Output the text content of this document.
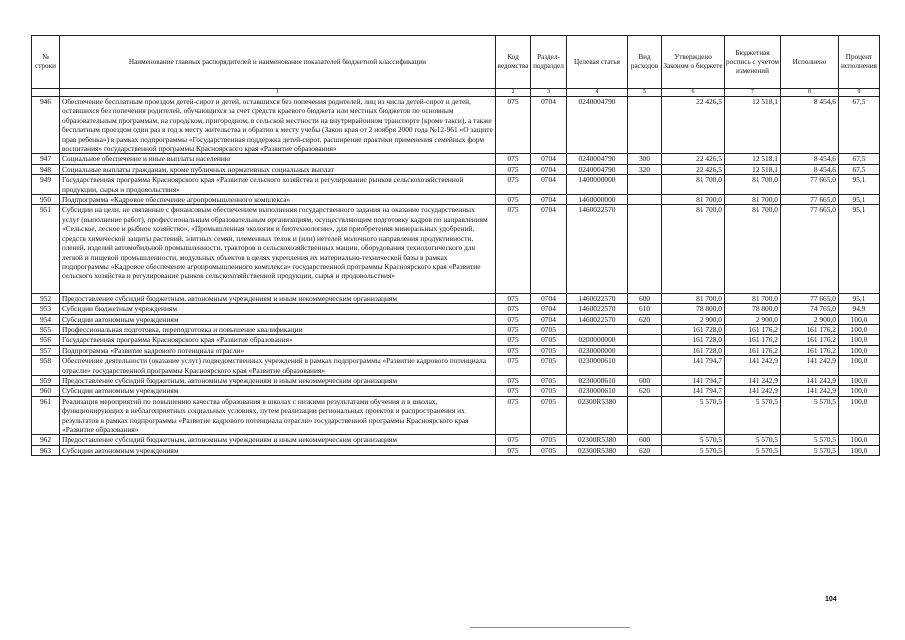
№ строки	Наименование главных распорядителей и наименование показателей бюджетной классификации	Код ведомства	Раздел-подраздел	Целевая статья	Вид расходов	Утверждено Законом о бюджете	Бюджетная роспись с учетом изменений	Исполнено	Процент исполнения
	1	2	3	4	5	6	7	8	9
946	Обеспечение бесплатным проездом детей-сирот и детей, оставшихся без попечения родителей, лиц из числа детей-сирот и детей, оставшихся без попечения родителей, обучающихся за счет средств краевого бюджета или местных бюджетов по основным образовательным программам, на городском, пригородном, в сельской местности на внутрирайонном транспорте (кроме такси), а также бесплатным проездом один раз в год к месту жительства и обратно к месту учебы (Закон края от 2 ноября 2000 года №12-961 «О защите прав ребенка») в рамках подпрограммы «Государственная поддержка детей-сирот, расширение практики применения семейных форм воспитания» государственной программы Красноярского края «Развитие образования»	075	0704	0240004790		22 426,5	12 518,1	8 454,6	67,5
947	Социальное обеспечение и иные выплаты населению	075	0704	0240004790	300	22 426,5	12 518,1	8 454,6	67,5
948	Социальные выплаты гражданам, кроме публичных нормативных социальных выплат	075	0704	0240004790	320	22 426,5	12 518,1	8 454,6	67,5
949	Государственная программа Красноярского края «Развитие сельского хозяйства и регулирование рынков сельскохозяйственной продукции, сырья и продовольствия»	075	0704	1400000000		81 700,0	81 700,0	77 665,0	95,1
950	Подпрограмма «Кадровое обеспечение агропромышленного комплекса»	075	0704	1460000000		81 700,0	81 700,0	77 665,0	95,1
951	Субсидии на цели, не связанные с финансовым обеспечением выполнения государственного задания на оказание государственных услуг (выполнение работ), профессиональным образовательным организациям, осуществляющим подготовку кадров по направлениям «Сельское, лесное и рыбное хозяйство», «Промышленная экология и биотехнологии», для приобретения минеральных удобрений, средств химической защиты растений, элитных семян, племенных телок и (или) нетелей молочного направления продуктивности, оленей, изделий автомобильной промышленности, тракторов и сельскохозяйственных машин, оборудования технологического для легкой и пищевой промышленности, модульных объектов в целях укрепления их материально-технической базы в рамках подпрограммы «Кадровое обеспечение агропромышленного комплекса» государственной программы Красноярского края «Развитие сельского хозяйства и регулирование рынков сельскохозяйственной продукции, сырья и продовольствия»	075	0704	1460022570		81 700,0	81 700,0	77 665,0	95,1
952	Предоставление субсидий бюджетным, автономным учреждениям и иным некоммерческим организациям	075	0704	1460022570	600	81 700,0	81 700,0	77 665,0	95,1
953	Субсидии бюджетным учреждениям	075	0704	1460022570	610	78 800,0	78 800,0	74 765,0	94,9
954	Субсидии автономным учреждениям	075	0704	1460022570	620	2 900,0	2 900,0	2 900,0	100,0
955	Профессиональная подготовка, переподготовка и повышение квалификации	075	0705			161 728,0	161 176,2	161 176,2	100,0
956	Государственная программа Красноярского края «Развитие образования»	075	0705	0200000000		161 728,0	161 176,2	161 176,2	100,0
957	Подпрограмма «Развитие кадрового потенциала отрасли»	075	0705	0230000000		161 728,0	161 176,2	161 176,2	100,0
958	Обеспечение деятельности (оказание услуг) подведомственных учреждений в рамках подпрограммы «Развитие кадрового потенциала отрасли» государственной программы Красноярского края «Развитие образования»	075	0705	0230000610		141 794,7	141 242,9	141 242,9	100,0
959	Предоставление субсидий бюджетным, автономным учреждениям и иным некоммерческим организациям	075	0705	0230000610	600	141 794,7	141 242,9	141 242,9	100,0
960	Субсидии автономным учреждениям	075	0705	0230000610	620	141 794,7	141 242,9	141 242,9	100,0
961	Реализация мероприятий по повышению качества образования в школах с низкими результатами обучения и в школах, функционирующих в неблагоприятных социальных условиях, путем реализации региональных проектов и распространения их результатов в рамках подпрограммы «Развитие кадрового потенциала отрасли» государственной программы Красноярского края «Развитие образования»	075	0705	02300R5380		5 570,5	5 570,5	5 570,5	100,0
962	Предоставление субсидий бюджетным, автономным учреждениям и иным некоммерческим организациям	075	0705	02300R5380	600	5 570,5	5 570,5	5 570,5	100,0
963	Субсидии автономным учреждениям	075	0705	02300R5380	620	5 570,5	5 570,5	5 570,5	100,0
104
